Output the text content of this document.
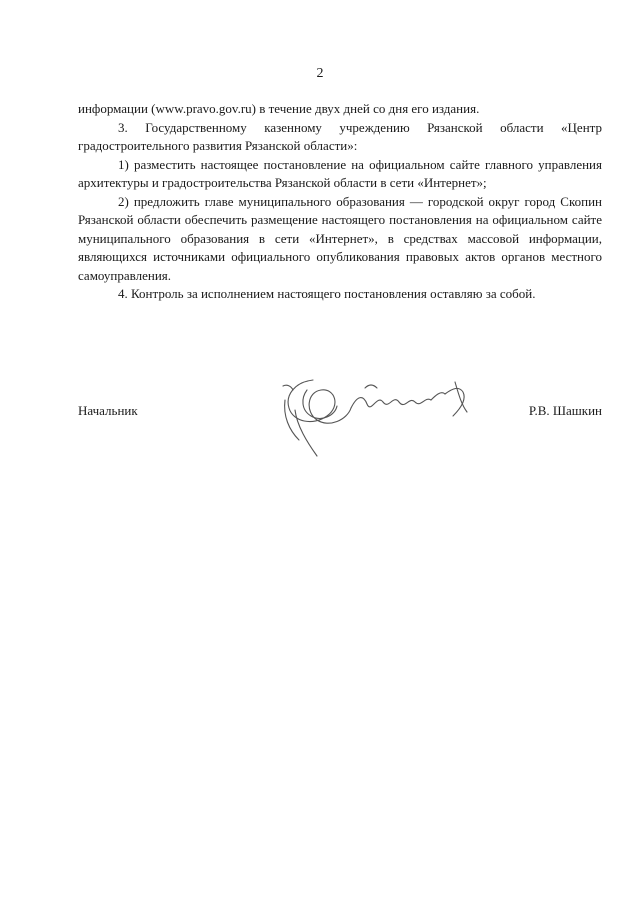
2

информации (www.pravo.gov.ru) в течение двух дней со дня его издания.

3. Государственному казенному учреждению Рязанской области «Центр градостроительного развития Рязанской области»:

1) разместить настоящее постановление на официальном сайте главного управления архитектуры и градостроительства Рязанской области в сети «Интернет»;

2) предложить главе муниципального образования — городской округ город Скопин Рязанской области обеспечить размещение настоящего постановления на официальном сайте муниципального образования в сети «Интернет», в средствах массовой информации, являющихся источниками официального опубликования правовых актов органов местного самоуправления.

4. Контроль за исполнением настоящего постановления оставляю за собой.

Начальник	Р.В. Шашкин
